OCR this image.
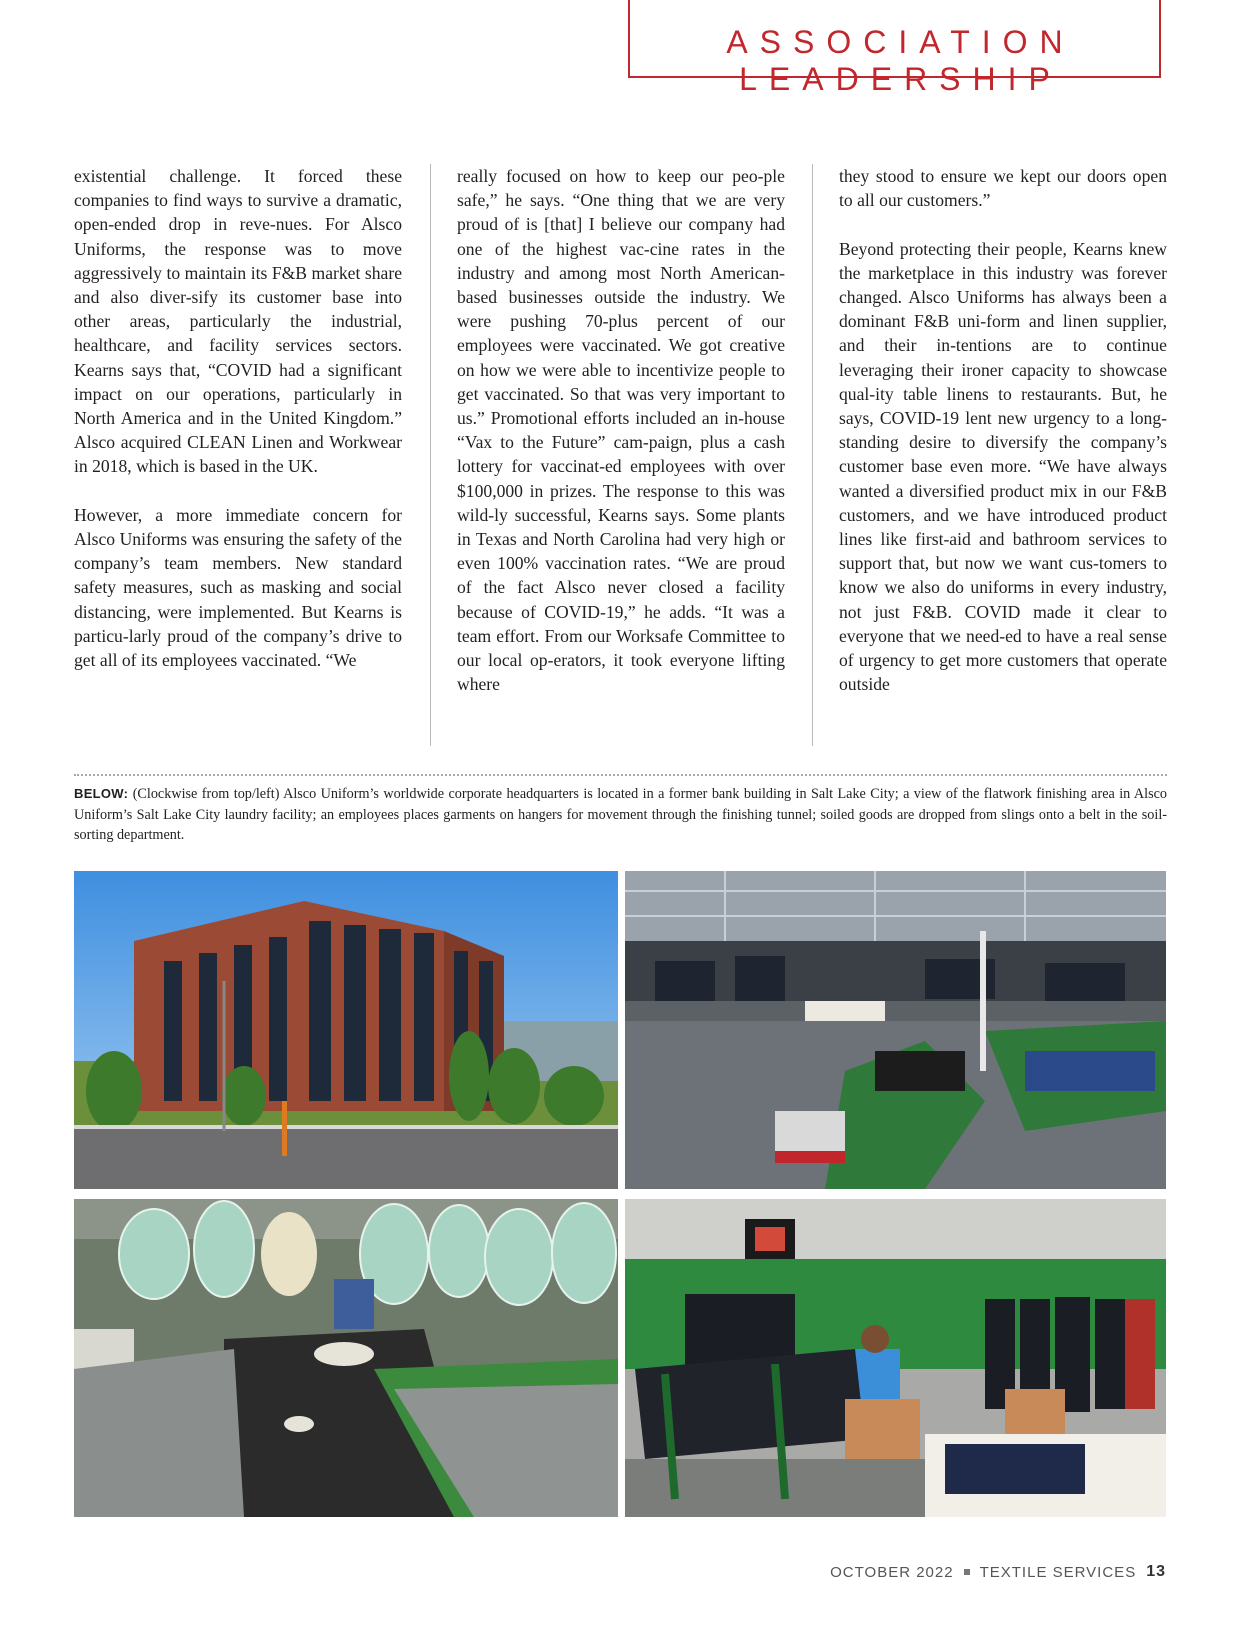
ASSOCIATION LEADERSHIP

existential challenge. It forced these companies to find ways to survive a dramatic, open-ended drop in reve-nues. For Alsco Uniforms, the response was to move aggressively to maintain its F&B market share and also diver-sify its customer base into other areas, particularly the industrial, healthcare, and facility services sectors. Kearns says that, “COVID had a significant impact on our operations, particularly in North America and in the United Kingdom.” Alsco acquired CLEAN Linen and Workwear in 2018, which is based in the UK.

However, a more immediate concern for Alsco Uniforms was ensuring the safety of the company’s team members. New standard safety measures, such as masking and social distancing, were implemented. But Kearns is particu-larly proud of the company’s drive to get all of its employees vaccinated. “We

really focused on how to keep our peo-ple safe,” he says. “One thing that we are very proud of is [that] I believe our company had one of the highest vac-cine rates in the industry and among most North American-based businesses outside the industry. We were pushing 70-plus percent of our employees were vaccinated. We got creative on how we were able to incentivize people to get vaccinated. So that was very important to us.” Promotional efforts included an in-house “Vax to the Future” cam-paign, plus a cash lottery for vaccinat-ed employees with over $100,000 in prizes. The response to this was wild-ly successful, Kearns says. Some plants in Texas and North Carolina had very high or even 100% vaccination rates. “We are proud of the fact Alsco never closed a facility because of COVID-19,” he adds. “It was a team effort. From our Worksafe Committee to our local op-erators, it took everyone lifting where

they stood to ensure we kept our doors open to all our customers.”

Beyond protecting their people, Kearns knew the marketplace in this industry was forever changed. Alsco Uniforms has always been a dominant F&B uni-form and linen supplier, and their in-tentions are to continue leveraging their ironer capacity to showcase qual-ity table linens to restaurants. But, he says, COVID-19 lent new urgency to a long-standing desire to diversify the company’s customer base even more. “We have always wanted a diversified product mix in our F&B customers, and we have introduced product lines like first-aid and bathroom services to support that, but now we want cus-tomers to know we also do uniforms in every industry, not just F&B. COVID made it clear to everyone that we need-ed to have a real sense of urgency to get more customers that operate outside

BELOW: (Clockwise from top/left) Alsco Uniform’s worldwide corporate headquarters is located in a former bank building in Salt Lake City; a view of the flatwork finishing area in Alsco Uniform’s Salt Lake City laundry facility; an employees places garments on hangers for movement through the finishing tunnel; soiled goods are dropped from slings onto a belt in the soil-sorting department.
OCTOBER 2022 TEXTILE SERVICES 13
